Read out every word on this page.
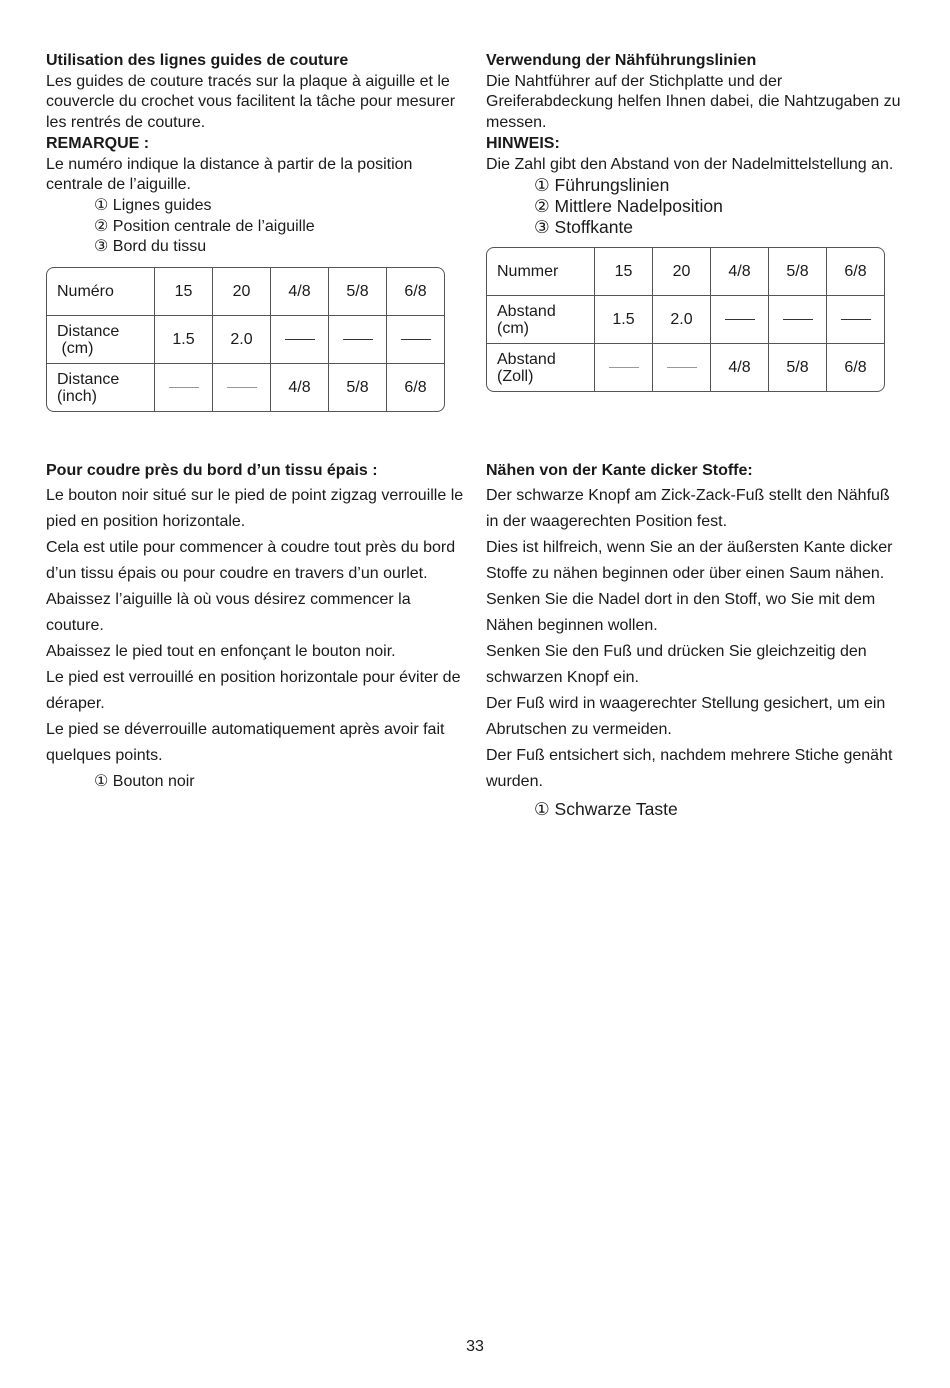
Utilisation des lignes guides de couture

Les guides de couture tracés sur la plaque à aiguille et le couvercle du crochet vous facilitent la tâche pour mesurer les rentrés de couture.

REMARQUE :

Le numéro indique la distance à partir de la position centrale de l’aiguille.

① Lignes guides
② Position centrale de l’aiguille
③ Bord du tissu
Numéro	15	20	4/8	5/8	6/8
Distance
(cm)	1.5	2.0			
Distance
(inch)			4/8	5/8	6/8

Verwendung der Nähführungslinien

Die Nahtführer auf der Stichplatte und der Greiferabdeckung helfen Ihnen dabei, die Nahtzugaben zu messen.

HINWEIS:

Die Zahl gibt den Abstand von der Nadelmittelstellung an.

① Führungslinien
② Mittlere Nadelposition
③ Stoffkante
Nummer	15	20	4/8	5/8	6/8
Abstand
(cm)	1.5	2.0			
Abstand
(Zoll)			4/8	5/8	6/8

Pour coudre près du bord d’un tissu épais :

Le bouton noir situé sur le pied de point zigzag verrouille le pied en position horizontale.

Cela est utile pour commencer à coudre tout près du bord d’un tissu épais ou pour coudre en travers d’un ourlet.

Abaissez l’aiguille là où vous désirez commencer la couture.

Abaissez le pied tout en enfonçant le bouton noir.

Le pied est verrouillé en position horizontale pour éviter de déraper.

Le pied se déverrouille automatiquement après avoir fait quelques points.

① Bouton noir

Nähen von der Kante dicker Stoffe:

Der schwarze Knopf am Zick-Zack-Fuß stellt den Nähfuß in der waagerechten Position fest.

Dies ist hilfreich, wenn Sie an der äußersten Kante dicker Stoffe zu nähen beginnen oder über einen Saum nähen.

Senken Sie die Nadel dort in den Stoff, wo Sie mit dem Nähen beginnen wollen.

Senken Sie den Fuß und drücken Sie gleichzeitig den schwarzen Knopf ein.

Der Fuß wird in waagerechter Stellung gesichert, um ein Abrutschen zu vermeiden.

Der Fuß entsichert sich, nachdem mehrere Stiche genäht wurden.

① Schwarze Taste
33
